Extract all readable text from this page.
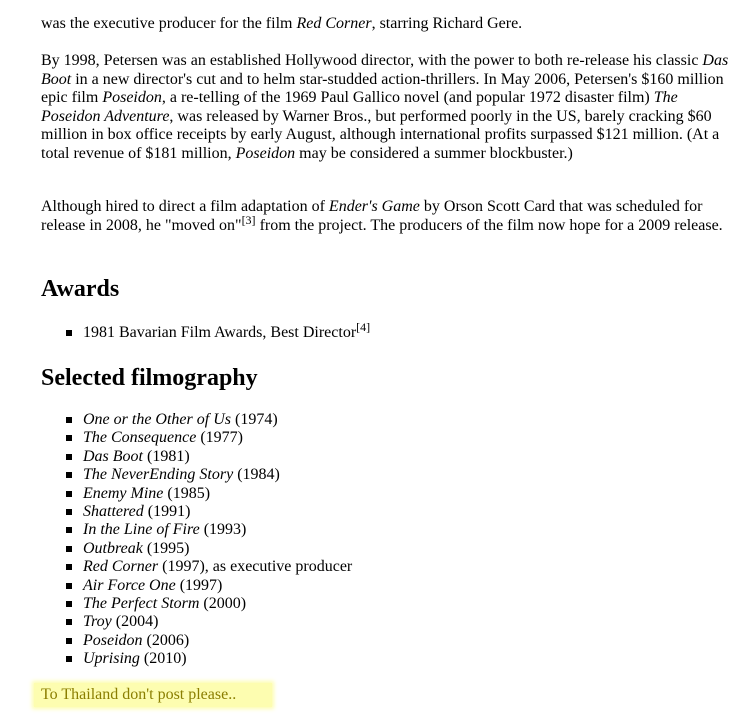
was the executive producer for the film Red Corner, starring Richard Gere.

By 1998, Petersen was an established Hollywood director, with the power to both re-release his classic Das Boot in a new director's cut and to helm star-studded action-thrillers. In May 2006, Petersen's $160 million epic film Poseidon, a re-telling of the 1969 Paul Gallico novel (and popular 1972 disaster film) The Poseidon Adventure, was released by Warner Bros., but performed poorly in the US, barely cracking $60 million in box office receipts by early August, although international profits surpassed $121 million. (At a total revenue of $181 million, Poseidon may be considered a summer blockbuster.)

Although hired to direct a film adaptation of Ender's Game by Orson Scott Card that was scheduled for release in 2008, he "moved on"[3] from the project. The producers of the film now hope for a 2009 release.

Awards
1981 Bavarian Film Awards, Best Director[4]
Selected filmography
One or the Other of Us (1974)
The Consequence (1977)
Das Boot (1981)
The NeverEnding Story (1984)
Enemy Mine (1985)
Shattered (1991)
In the Line of Fire (1993)
Outbreak (1995)
Red Corner (1997), as executive producer
Air Force One (1997)
The Perfect Storm (2000)
Troy (2004)
Poseidon (2006)
Uprising (2010)
To Thailand don't post please..
